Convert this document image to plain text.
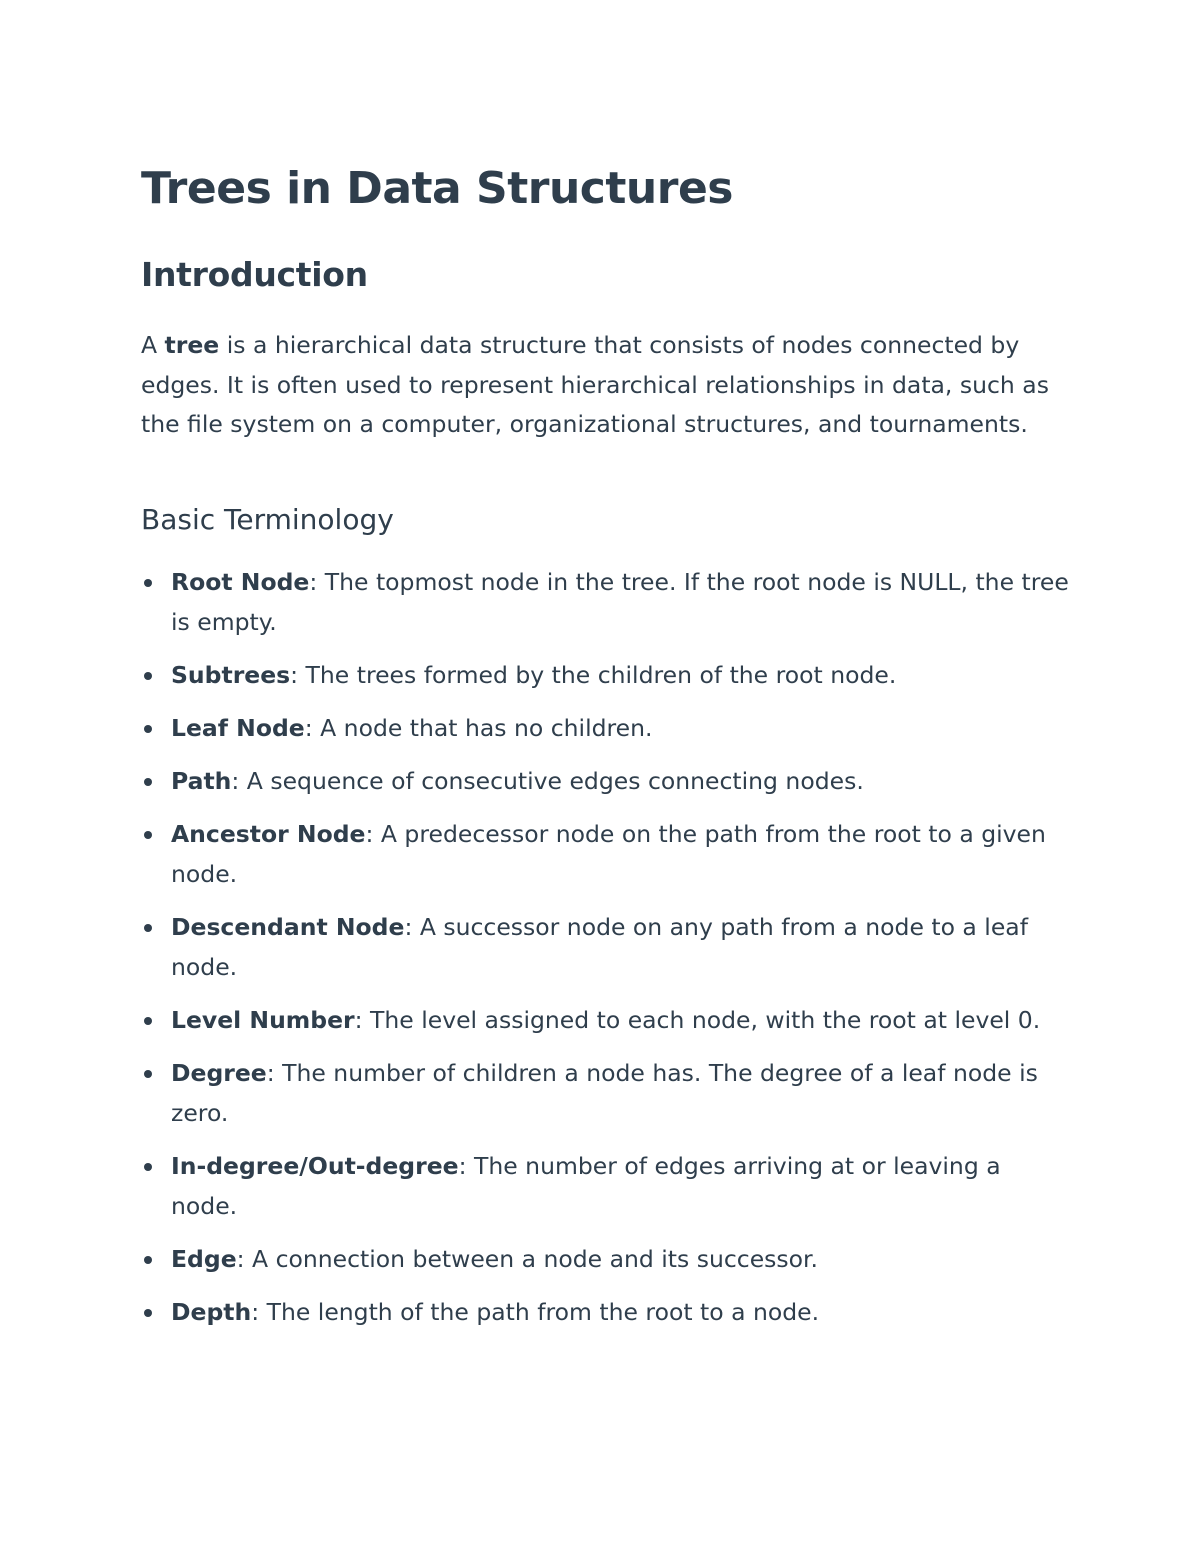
Trees in Data Structures
Introduction

A tree is a hierarchical data structure that consists of nodes connected by edges. It is often used to represent hierarchical relationships in data, such as the file system on a computer, organizational structures, and tournaments.

Basic Terminology
Root Node: The topmost node in the tree. If the root node is NULL, the tree is empty.
Subtrees: The trees formed by the children of the root node.
Leaf Node: A node that has no children.
Path: A sequence of consecutive edges connecting nodes.
Ancestor Node: A predecessor node on the path from the root to a given node.
Descendant Node: A successor node on any path from a node to a leaf node.
Level Number: The level assigned to each node, with the root at level 0.
Degree: The number of children a node has. The degree of a leaf node is zero.
In-degree/Out-degree: The number of edges arriving at or leaving a node.
Edge: A connection between a node and its successor.
Depth: The length of the path from the root to a node.
